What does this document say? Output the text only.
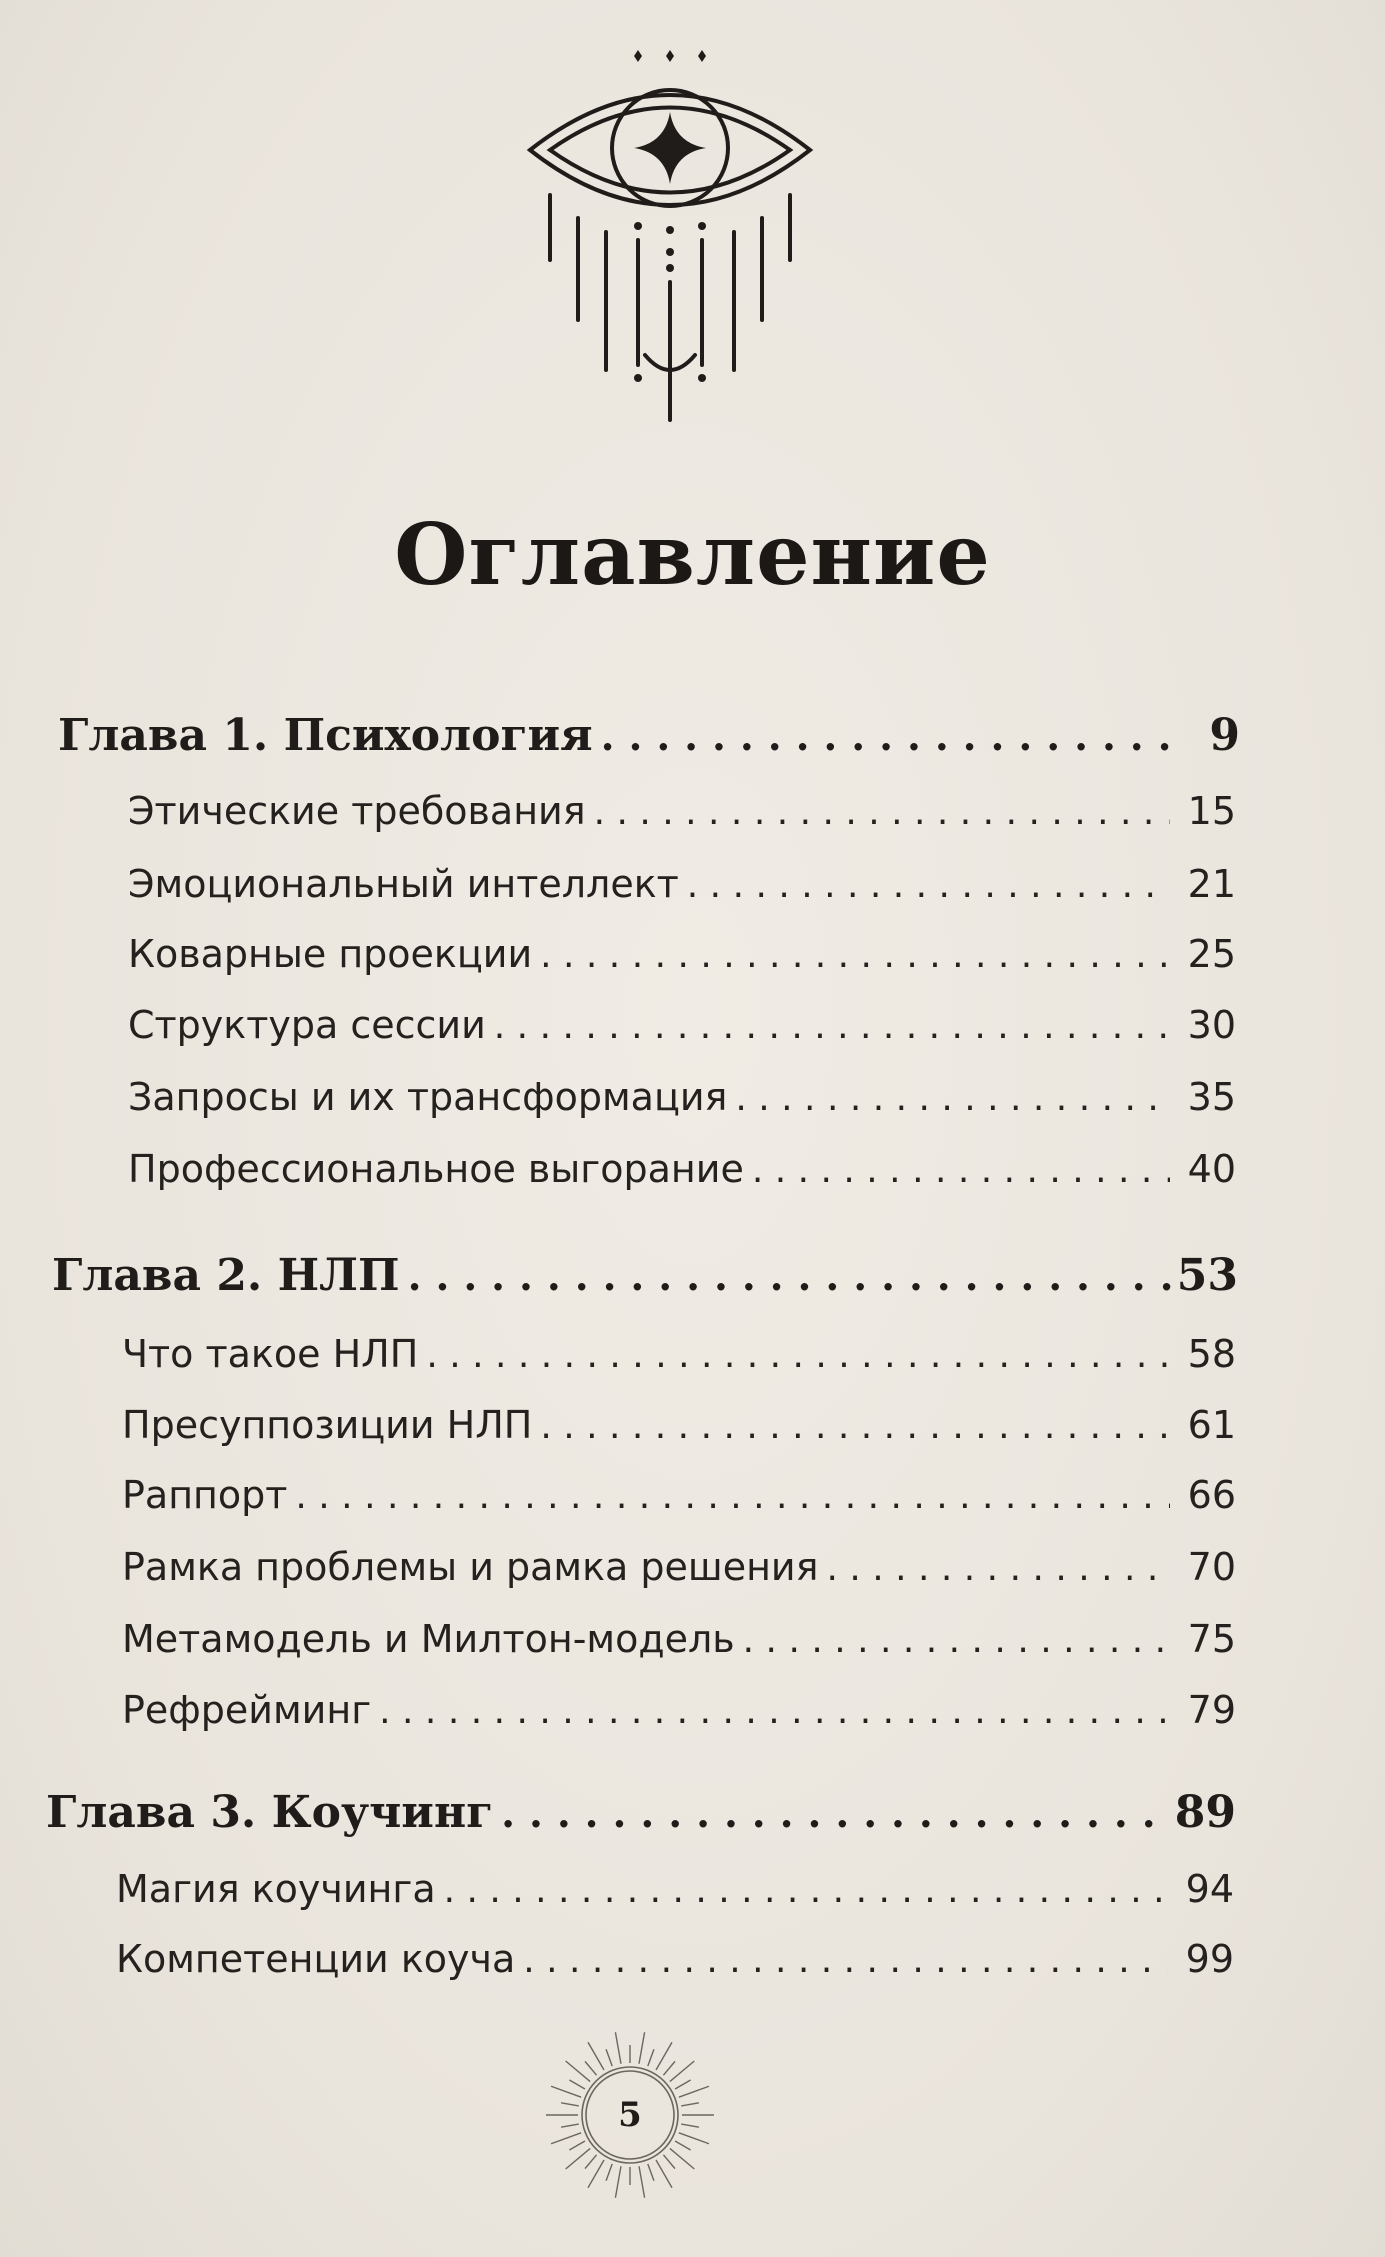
Оглавление
Глава 1. Психология . . .	9
Этические требования . . .	15
Эмоциональный интеллект . . .	21
Коварные проекции . . .	25
Структура сессии . . .	30
Запросы и их трансформация . . .	35
Профессиональное выгорание . . .	40
Глава 2. НЛП . . .	53
Что такое НЛП . . .	58
Пресуппозиции НЛП . . .	61
Раппорт . . .	66
Рамка проблемы и рамка решения . . .	70
Метамодель и Милтон-модель . . .	75
Рефрейминг . . .	79
Глава 3. Коучинг . . .	89
Магия коучинга . . .	94
Компетенции коуча . . .	99
5
